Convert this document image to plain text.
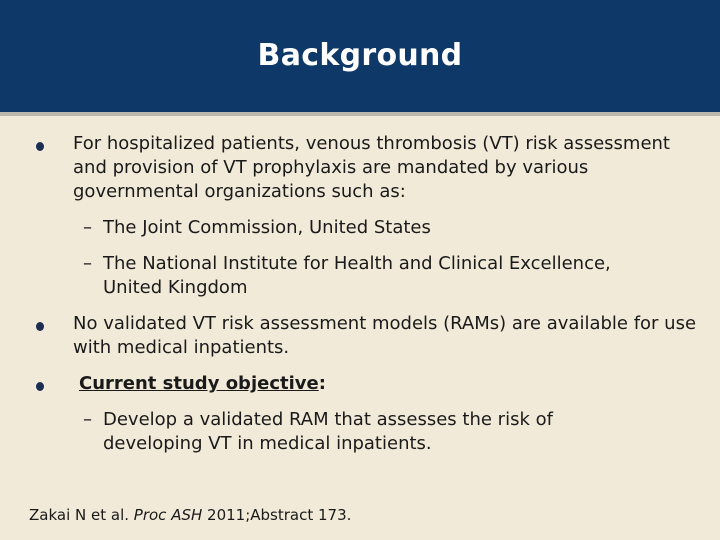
Background
For hospitalized patients, venous thrombosis (VT) risk assessment and provision of VT prophylaxis are mandated by various governmental organizations such as:
– The Joint Commission, United States
– The National Institute for Health and Clinical Excellence,
United Kingdom
No validated VT risk assessment models (RAMs) are available for use with medical inpatients.
Current study objective:
– Develop a validated RAM that assesses the risk of
developing VT in medical inpatients.
Zakai N et al. Proc ASH 2011;Abstract 173.
